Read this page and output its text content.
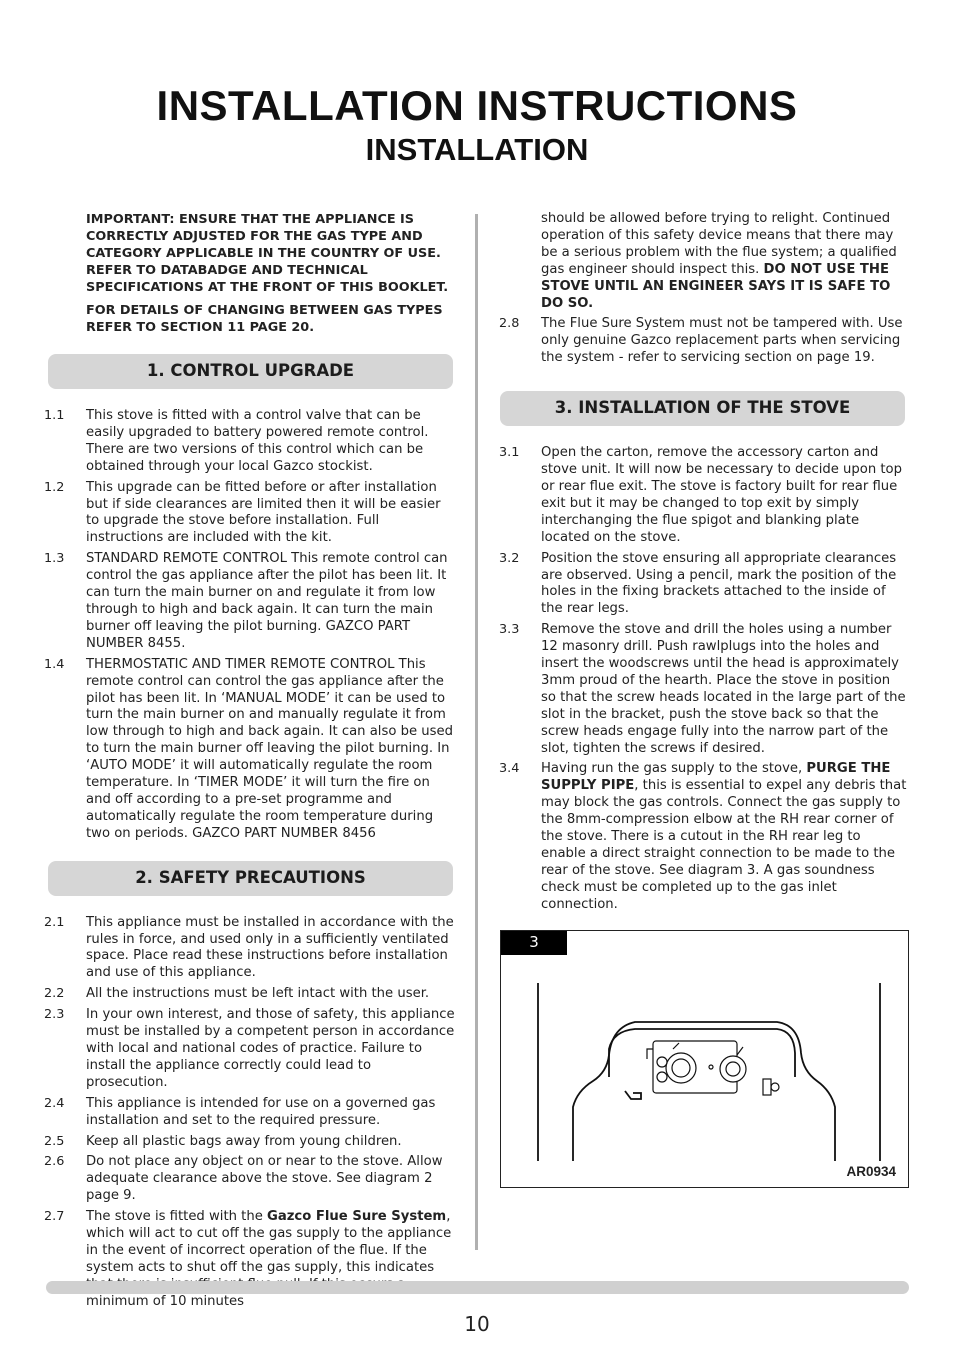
INSTALLATION INSTRUCTIONS
INSTALLATION

IMPORTANT: ENSURE THAT THE APPLIANCE IS CORRECTLY ADJUSTED FOR THE GAS TYPE AND CATEGORY APPLICABLE IN THE COUNTRY OF USE. REFER TO DATABADGE AND TECHNICAL SPECIFICATIONS AT THE FRONT OF THIS BOOKLET.

FOR DETAILS OF CHANGING BETWEEN GAS TYPES REFER TO SECTION 11 PAGE 20.

1. CONTROL UPGRADE
1.1	This stove is fitted with a control valve that can be easily upgraded to battery powered remote control. There are two versions of this control which can be obtained through your local Gazco stockist.
1.2	This upgrade can be fitted before or after installation but if side clearances are limited then it will be easier to upgrade the stove before installation. Full instructions are included with the kit.
1.3	STANDARD REMOTE CONTROL This remote control can control the gas appliance after the pilot has been lit. It can turn the main burner on and regulate it from low through to high and back again. It can turn the main burner off leaving the pilot burning. GAZCO PART NUMBER 8455.
1.4	THERMOSTATIC AND TIMER REMOTE CONTROL This remote control can control the gas appliance after the pilot has been lit. In ‘MANUAL MODE’ it can be used to turn the main burner on and manually regulate it from low through to high and back again. It can also be used to turn the main burner off leaving the pilot burning. In ‘AUTO MODE’ it will automatically regulate the room temperature. In ‘TIMER MODE’ it will turn the fire on and off according to a pre-set programme and automatically regulate the room temperature during two on periods. GAZCO PART NUMBER 8456
2. SAFETY PRECAUTIONS
2.1	This appliance must be installed in accordance with the rules in force, and used only in a sufficiently ventilated space. Place read these instructions before installation and use of this appliance.
2.2	All the instructions must be left intact with the user.
2.3	In your own interest, and those of safety, this appliance must be installed by a competent person in accordance with local and national codes of practice. Failure to install the appliance correctly could lead to prosecution.
2.4	This appliance is intended for use on a governed gas installation and set to the required pressure.
2.5	Keep all plastic bags away from young children.
2.6	Do not place any object on or near to the stove. Allow adequate clearance above the stove. See diagram 2 page 9.
2.7	The stove is fitted with the Gazco Flue Sure System, which will act to cut off the gas supply to the appliance in the event of incorrect operation of the flue. If the system acts to shut off the gas supply, this indicates minimum of 10 minutes
should be allowed before trying to relight. Continued operation of this safety device means that there may be a serious problem with the flue system; a qualified gas engineer should inspect this. DO NOT USE THE STOVE UNTIL AN ENGINEER SAYS IT IS SAFE TO DO SO.
2.8	The Flue Sure System must not be tampered with. Use only genuine Gazco replacement parts when servicing the system - refer to servicing section on page 19.
3. INSTALLATION OF THE STOVE
3.1	Open the carton, remove the accessory carton and stove unit. It will now be necessary to decide upon top or rear flue exit. The stove is factory built for rear flue exit but it may be changed to top exit by simply interchanging the flue spigot and blanking plate located on the stove.
3.2	Position the stove ensuring all appropriate clearances are observed. Using a pencil, mark the position of the holes in the fixing brackets attached to the inside of the rear legs.
3.3	Remove the stove and drill the holes using a number 12 masonry drill. Push rawlplugs into the holes and insert the woodscrews until the head is approximately 3mm proud of the hearth. Place the stove in position so that the screw heads located in the large part of the slot in the bracket, push the stove back so that the screw heads engage fully into the narrow part of the slot, tighten the screws if desired.
3.4	Having run the gas supply to the stove, PURGE THE SUPPLY PIPE, this is essential to expel any debris that may block the gas controls. Connect the gas supply to the 8mm-compression elbow at the RH rear corner of the stove. There is a cutout in the RH rear leg to enable a direct straight connection to be made to the rear of the stove. See diagram 3. A gas soundness check must be completed up to the gas inlet connection.
3
AR0934
10
